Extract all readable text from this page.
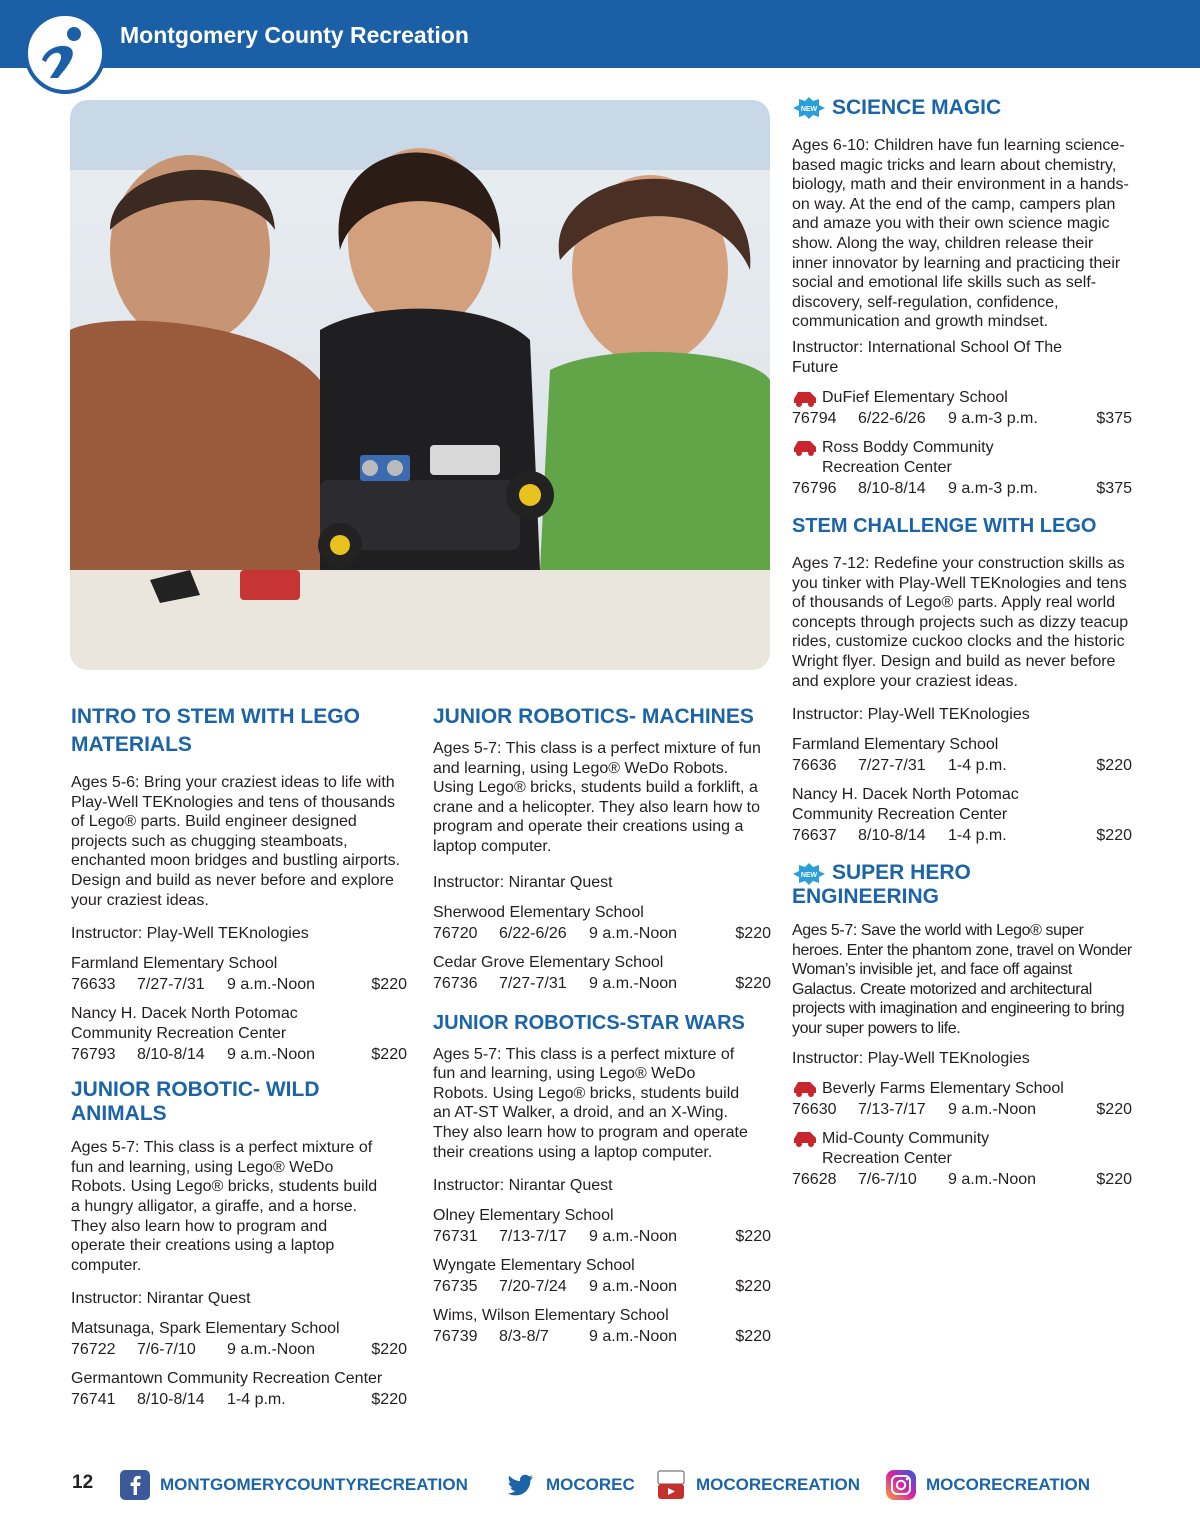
Montgomery County Recreation
INTRO TO STEM WITH LEGO MATERIALS

Ages 5-6: Bring your craziest ideas to life with Play-Well TEKnologies and tens of thousands of Lego® parts. Build engineer designed projects such as chugging steamboats, enchanted moon bridges and bustling airports. Design and build as never before and explore your craziest ideas.

Instructor: Play-Well TEKnologies
Farmland Elementary School
76633	7/27-7/31	9 a.m.-Noon	$220
Nancy H. Dacek North Potomac Community Recreation Center
76793	8/10-8/14	9 a.m.-Noon	$220
JUNIOR ROBOTIC- WILD ANIMALS

Ages 5-7: This class is a perfect mixture of fun and learning, using Lego® WeDo Robots. Using Lego® bricks, students build a hungry alligator, a giraffe, and a horse. They also learn how to program and operate their creations using a laptop computer.

Instructor: Nirantar Quest
Matsunaga, Spark Elementary School
76722	7/6-7/10	9 a.m.-Noon	$220
Germantown Community Recreation Center
76741	8/10-8/14	1-4 p.m.	$220
JUNIOR ROBOTICS- MACHINES

Ages 5-7: This class is a perfect mixture of fun and learning, using Lego® WeDo Robots. Using Lego® bricks, students build a forklift, a crane and a helicopter. They also learn how to program and operate their creations using a laptop computer.

Instructor: Nirantar Quest
Sherwood Elementary School
76720	6/22-6/26	9 a.m.-Noon	$220
Cedar Grove Elementary School
76736	7/27-7/31	9 a.m.-Noon	$220
JUNIOR ROBOTICS-STAR WARS

Ages 5-7: This class is a perfect mixture of fun and learning, using Lego® WeDo Robots. Using Lego® bricks, students build an AT-ST Walker, a droid, and an X-Wing. They also learn how to program and operate their creations using a laptop computer.

Instructor: Nirantar Quest
Olney Elementary School
76731	7/13-7/17	9 a.m.-Noon	$220
Wyngate Elementary School
76735	7/20-7/24	9 a.m.-Noon	$220
Wims, Wilson Elementary School
76739	8/3-8/7	9 a.m.-Noon	$220
NEW SCIENCE MAGIC

Ages 6-10: Children have fun learning science-based magic tricks and learn about chemistry, biology, math and their environment in a hands-on way. At the end of the camp, campers plan and amaze you with their own science magic show. Along the way, children release their inner innovator by learning and practicing their social and emotional life skills such as self-discovery, self-regulation, confidence, communication and growth mindset.

Instructor: International School Of The Future
DuFief Elementary School
76794	6/22-6/26	9 a.m-3 p.m.	$375
Ross Boddy Community Recreation Center
76796	8/10-8/14	9 a.m-3 p.m.	$375
STEM CHALLENGE WITH LEGO

Ages 7-12: Redefine your construction skills as you tinker with Play-Well TEKnologies and tens of thousands of Lego® parts. Apply real world concepts through projects such as dizzy teacup rides, customize cuckoo clocks and the historic Wright flyer. Design and build as never before and explore your craziest ideas.

Instructor: Play-Well TEKnologies
Farmland Elementary School
76636	7/27-7/31	1-4 p.m.	$220
Nancy H. Dacek North Potomac Community Recreation Center
76637	8/10-8/14	1-4 p.m.	$220
NEW SUPER HERO ENGINEERING

Ages 5-7: Save the world with Lego® super heroes. Enter the phantom zone, travel on Wonder Woman’s invisible jet, and face off against Galactus. Create motorized and architectural projects with imagination and engineering to bring your super powers to life.

Instructor: Play-Well TEKnologies
Beverly Farms Elementary School
76630	7/13-7/17	9 a.m.-Noon	$220
Mid-County Community Recreation Center
76628	7/6-7/10	9 a.m.-Noon	$220
12	MONTGOMERYCOUNTYRECREATION	MOCOREC	MOCORECREATION	MOCORECREATION
